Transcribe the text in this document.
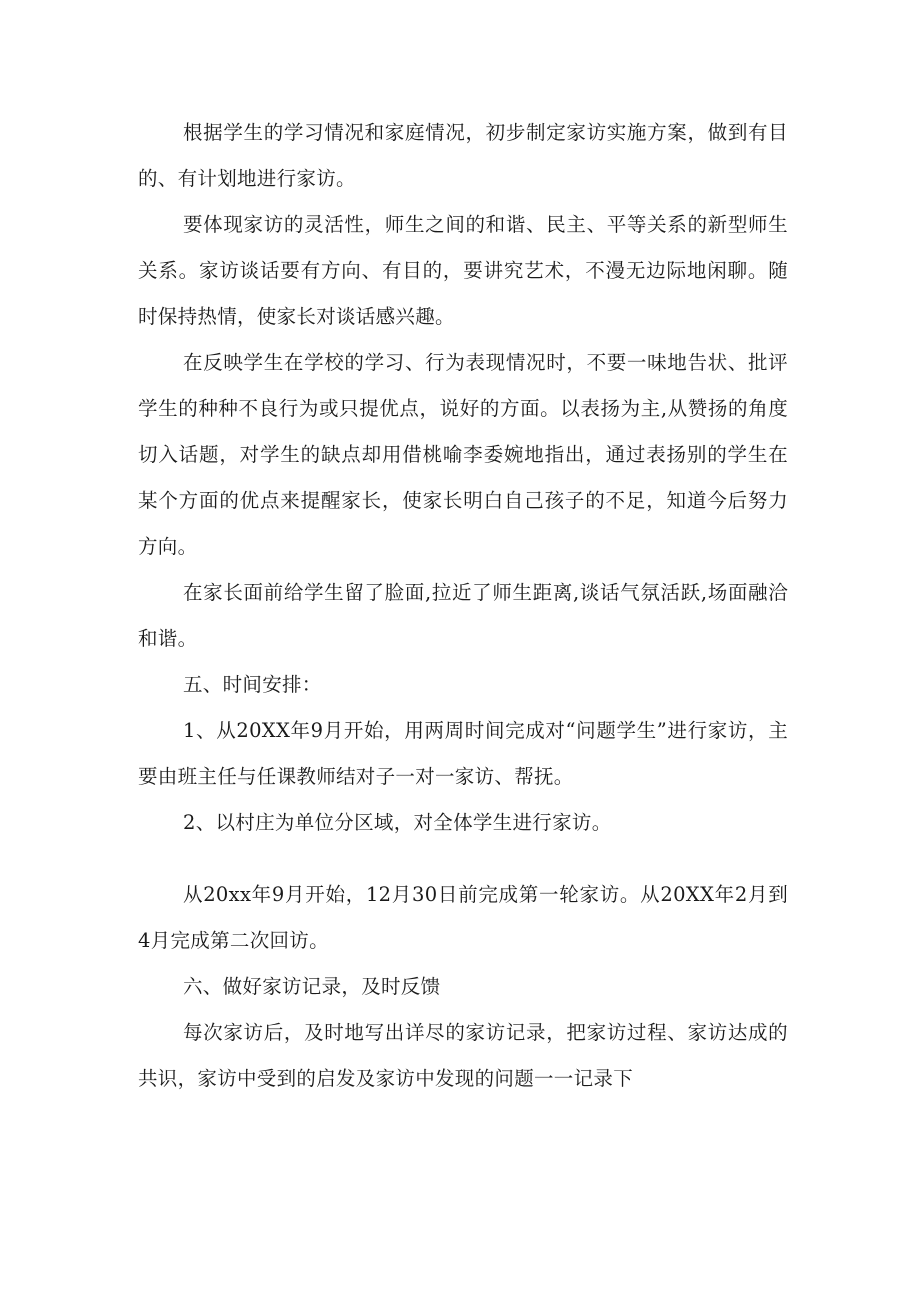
根据学生的学习情况和家庭情况，初步制定家访实施方案，做到有目的、有计划地进行家访。

要体现家访的灵活性，师生之间的和谐、民主、平等关系的新型师生关系。家访谈话要有方向、有目的，要讲究艺术，不漫无边际地闲聊。随时保持热情，使家长对谈话感兴趣。

在反映学生在学校的学习、行为表现情况时，不要一味地告状、批评学生的种种不良行为或只提优点，说好的方面。以表扬为主,从赞扬的角度切入话题，对学生的缺点却用借桃喻李委婉地指出，通过表扬别的学生在某个方面的优点来提醒家长，使家长明白自己孩子的不足，知道今后努力方向。

在家长面前给学生留了脸面,拉近了师生距离,谈话气氛活跃,场面融洽和谐。

五、时间安排：

1、从20XX年9月开始，用两周时间完成对“问题学生”进行家访，主要由班主任与任课教师结对子一对一家访、帮抚。

2、以村庄为单位分区域，对全体学生进行家访。

从20xx年9月开始，12月30日前完成第一轮家访。从20XX年2月到4月完成第二次回访。

六、做好家访记录，及时反馈

每次家访后，及时地写出详尽的家访记录，把家访过程、家访达成的共识，家访中受到的启发及家访中发现的问题一一记录下
